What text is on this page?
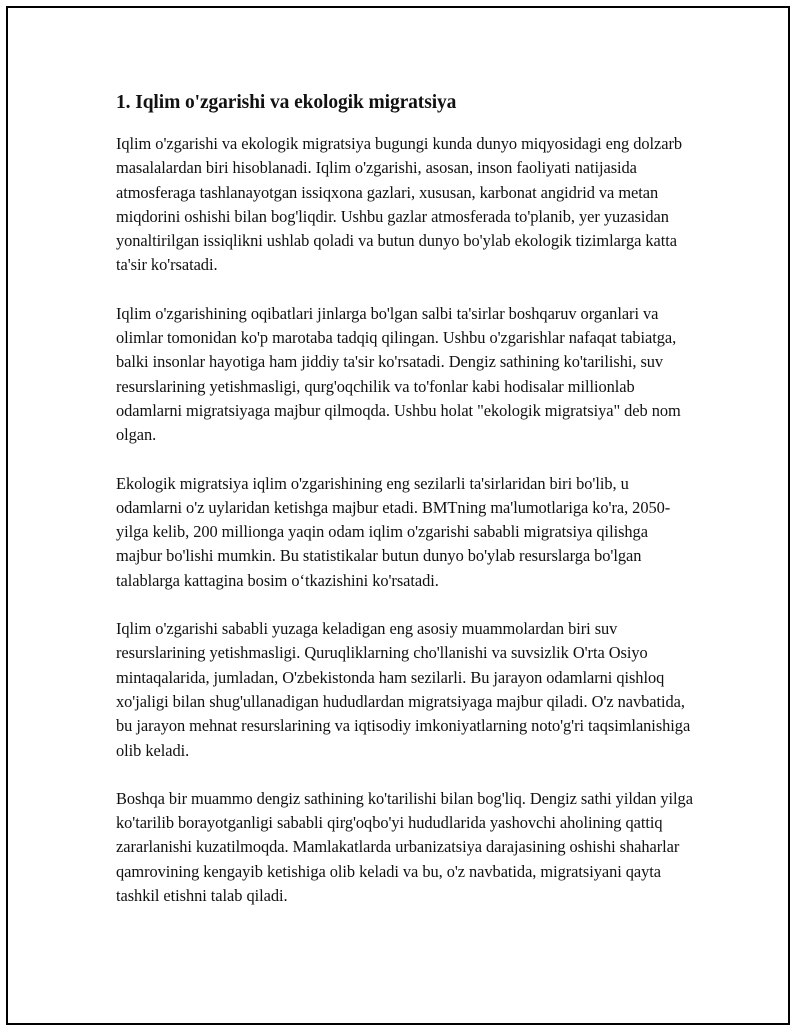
1. Iqlim o'zgarishi va ekologik migratsiya

Iqlim o'zgarishi va ekologik migratsiya bugungi kunda dunyo miqyosidagi eng dolzarb masalalardan biri hisoblanadi. Iqlim o'zgarishi, asosan, inson faoliyati natijasida atmosferaga tashlanayotgan issiqxona gazlari, xususan, karbonat angidrid va metan miqdorini oshishi bilan bog'liqdir. Ushbu gazlar atmosferada to'planib, yer yuzasidan yonaltirilgan issiqlikni ushlab qoladi va butun dunyo bo'ylab ekologik tizimlarga katta ta'sir ko'rsatadi.

Iqlim o'zgarishining oqibatlari jinlarga bo'lgan salbi ta'sirlar boshqaruv organlari va olimlar tomonidan ko'p marotaba tadqiq qilingan. Ushbu o'zgarishlar nafaqat tabiatga, balki insonlar hayotiga ham jiddiy ta'sir ko'rsatadi. Dengiz sathining ko'tarilishi, suv resurslarining yetishmasligi, qurg'oqchilik va to'fonlar kabi hodisalar millionlab odamlarni migratsiyaga majbur qilmoqda. Ushbu holat "ekologik migratsiya" deb nom olgan.

Ekologik migratsiya iqlim o'zgarishining eng sezilarli ta'sirlaridan biri bo'lib, u odamlarni o'z uylaridan ketishga majbur etadi. BMTning ma'lumotlariga ko'ra, 2050-yilga kelib, 200 millionga yaqin odam iqlim o'zgarishi sababli migratsiya qilishga majbur bo'lishi mumkin. Bu statistikalar butun dunyo bo'ylab resurslarga bo'lgan talablarga kattagina bosim o‘tkazishini ko'rsatadi.

Iqlim o'zgarishi sababli yuzaga keladigan eng asosiy muammolardan biri suv resurslarining yetishmasligi. Quruqliklarning cho'llanishi va suvsizlik O'rta Osiyo mintaqalarida, jumladan, O'zbekistonda ham sezilarli. Bu jarayon odamlarni qishloq xo'jaligi bilan shug'ullanadigan hududlardan migratsiyaga majbur qiladi. O'z navbatida, bu jarayon mehnat resurslarining va iqtisodiy imkoniyatlarning noto'g'ri taqsimlanishiga olib keladi.

Boshqa bir muammo dengiz sathining ko'tarilishi bilan bog'liq. Dengiz sathi yildan yilga ko'tarilib borayotganligi sababli qirg'oqbo'yi hududlarida yashovchi aholining qattiq zararlanishi kuzatilmoqda. Mamlakatlarda urbanizatsiya darajasining oshishi shaharlar qamrovining kengayib ketishiga olib keladi va bu, o'z navbatida, migratsiyani qayta tashkil etishni talab qiladi.
